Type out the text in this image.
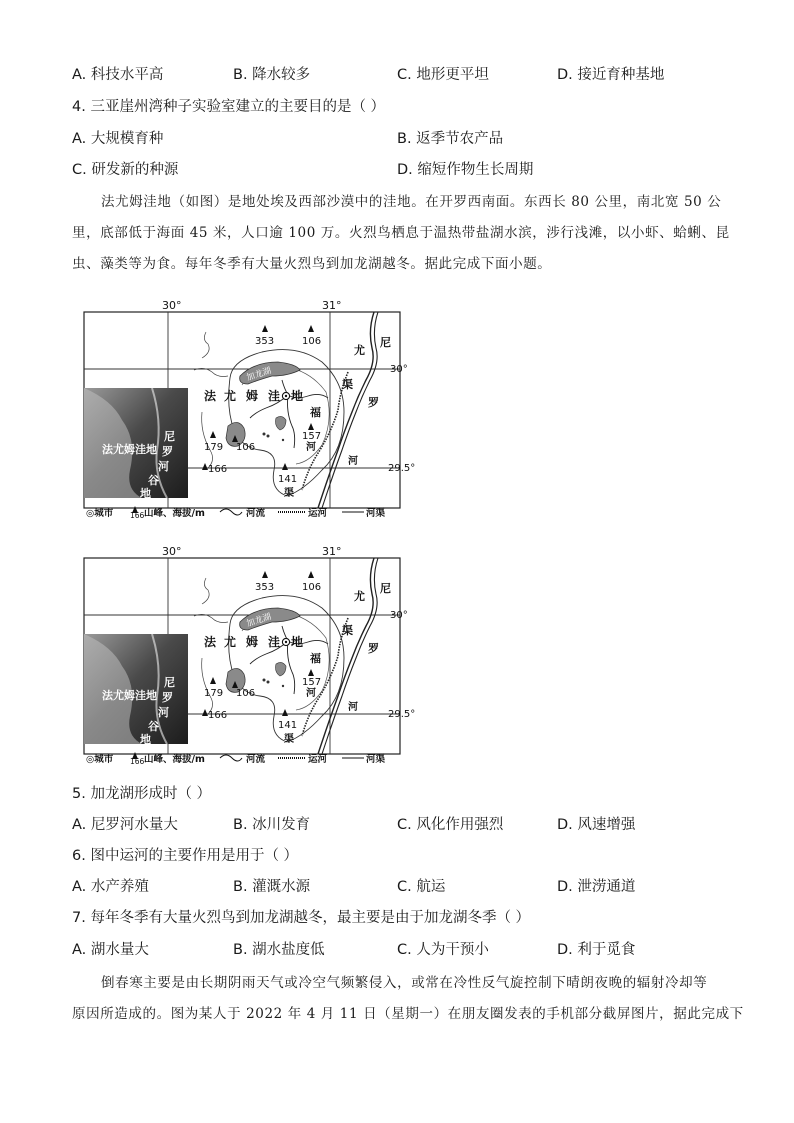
A. 科技水平高	B. 降水较多	C. 地形更平坦	D. 接近育种基地
4. 三亚崖州湾种子实验室建立的主要目的是（ ）
A. 大规模育种	B. 返季节农产品
C. 研发新的种源	D. 缩短作物生长周期
法尤姆洼地（如图）是地处埃及西部沙漠中的洼地。在开罗西南面。东西长 80 公里，南北宽 50 公
里，底部低于海面 45 米，人口逾 100 万。火烈鸟栖息于温热带盐湖水滨，涉行浅滩，以小虾、蛤蜊、昆
虫、藻类等为食。每年冬季有大量火烈鸟到加龙湖越冬。据此完成下面小题。
30°	31°
30°
29.5°
法尤姆洼地
尼
罗
河
谷
地
加龙湖
法 尤 姆 洼 地
福
河
渠
尤
尼
罗
河
渠
353	106
157
179
166
106
141
◎城市 166 山峰、海拔/m	河流	运河	河渠
30°	31°
30°
29.5°
法尤姆洼地
尼
罗
河
谷
地
加龙湖
法 尤 姆 洼 地
福
河
渠
尤
尼
罗
河
渠
353	106
157
179
166
106
141
◎城市 166 山峰、海拔/m	河流	运河	河渠
5. 加龙湖形成时（ ）
A. 尼罗河水量大	B. 冰川发育	C. 风化作用强烈	D. 风速增强
6. 图中运河的主要作用是用于（ ）
A. 水产养殖	B. 灌溉水源	C. 航运	D. 泄涝通道
7. 每年冬季有大量火烈鸟到加龙湖越冬，最主要是由于加龙湖冬季（ ）
A. 湖水量大	B. 湖水盐度低	C. 人为干预小	D. 利于觅食
倒春寒主要是由长期阴雨天气或冷空气频繁侵入，或常在冷性反气旋控制下晴朗夜晚的辐射冷却等
原因所造成的。图为某人于 2022 年 4 月 11 日（星期一）在朋友圈发表的手机部分截屏图片，据此完成下
